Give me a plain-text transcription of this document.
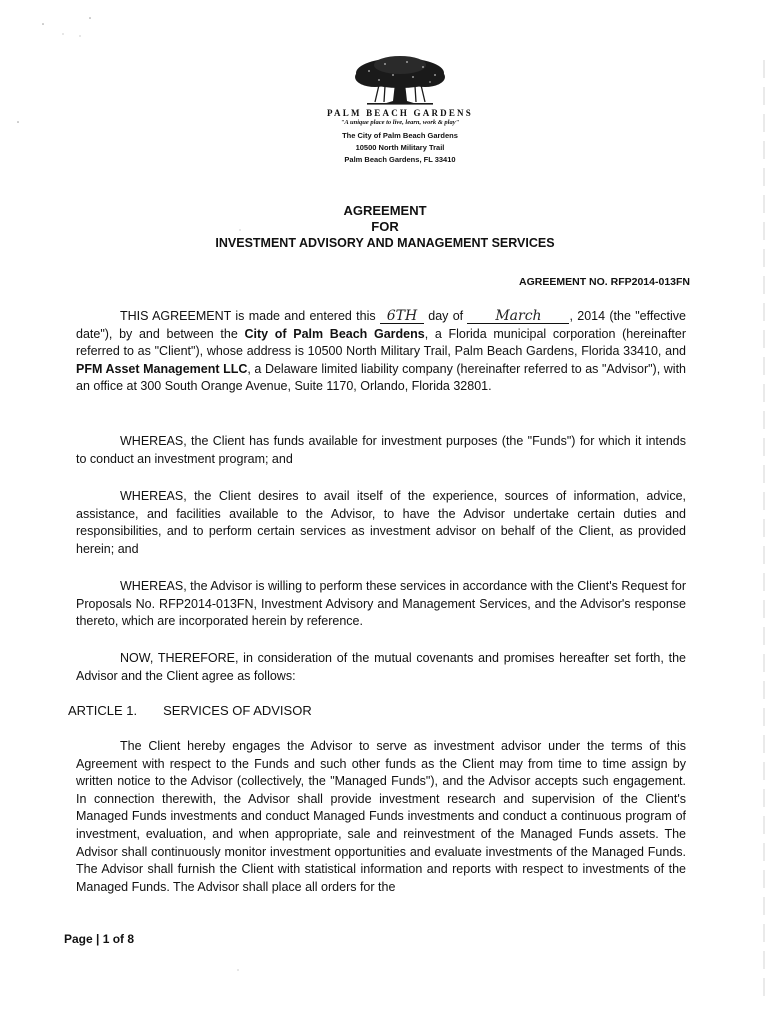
PALM BEACH GARDENS
"A unique place to live, learn, work & play"
The City of Palm Beach Gardens
10500 North Military Trail
Palm Beach Gardens, FL 33410
AGREEMENT
FOR
INVESTMENT ADVISORY AND MANAGEMENT SERVICES
AGREEMENT NO. RFP2014-013FN
THIS AGREEMENT is made and entered this 6TH day of March , 2014 (the "effective date"), by and between the City of Palm Beach Gardens, a Florida municipal corporation (hereinafter referred to as "Client"), whose address is 10500 North Military Trail, Palm Beach Gardens, Florida 33410, and PFM Asset Management LLC, a Delaware limited liability company (hereinafter referred to as "Advisor"), with an office at 300 South Orange Avenue, Suite 1170, Orlando, Florida 32801.
WHEREAS, the Client has funds available for investment purposes (the "Funds") for which it intends to conduct an investment program; and
WHEREAS, the Client desires to avail itself of the experience, sources of information, advice, assistance, and facilities available to the Advisor, to have the Advisor undertake certain duties and responsibilities, and to perform certain services as investment advisor on behalf of the Client, as provided herein; and
WHEREAS, the Advisor is willing to perform these services in accordance with the Client's Request for Proposals No. RFP2014-013FN, Investment Advisory and Management Services, and the Advisor's response thereto, which are incorporated herein by reference.
NOW, THEREFORE, in consideration of the mutual covenants and promises hereafter set forth, the Advisor and the Client agree as follows:
ARTICLE 1. SERVICES OF ADVISOR
The Client hereby engages the Advisor to serve as investment advisor under the terms of this Agreement with respect to the Funds and such other funds as the Client may from time to time assign by written notice to the Advisor (collectively, the "Managed Funds"), and the Advisor accepts such engagement. In connection therewith, the Advisor shall provide investment research and supervision of the Client's Managed Funds investments and conduct Managed Funds investments and conduct a continuous program of investment, evaluation, and when appropriate, sale and reinvestment of the Managed Funds assets. The Advisor shall continuously monitor investment opportunities and evaluate investments of the Managed Funds. The Advisor shall furnish the Client with statistical information and reports with respect to investments of the Managed Funds. The Advisor shall place all orders for the
Page | 1 of 8
